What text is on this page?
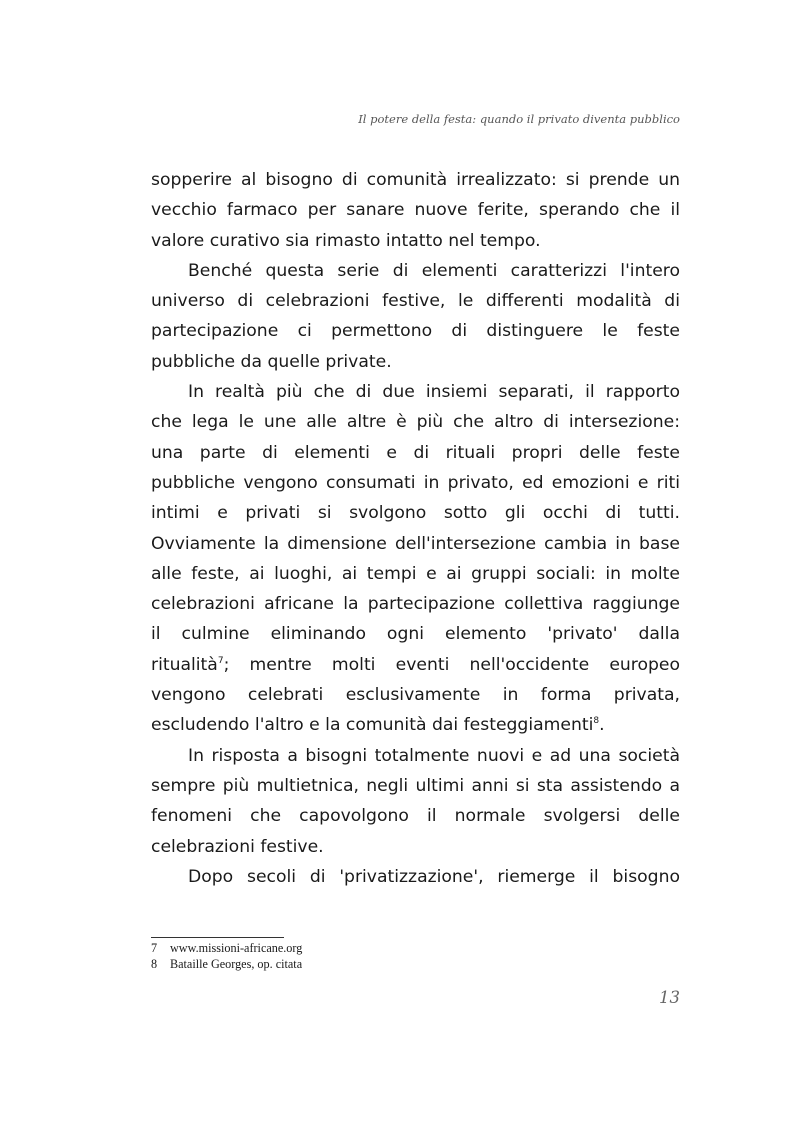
Il potere della festa: quando il privato diventa pubblico
sopperire al bisogno di comunità irrealizzato: si prende un
vecchio farmaco per sanare nuove ferite, sperando che il
valore curativo sia rimasto intatto nel tempo.
Benché questa serie di elementi caratterizzi l'intero
universo di celebrazioni festive, le differenti modalità di
partecipazione ci permettono di distinguere le feste
pubbliche da quelle private.
In realtà più che di due insiemi separati, il rapporto
che lega le une alle altre è più che altro di intersezione:
una parte di elementi e di rituali propri delle feste
pubbliche vengono consumati in privato, ed emozioni e riti
intimi e privati si svolgono sotto gli occhi di tutti.
Ovviamente la dimensione dell'intersezione cambia in base
alle feste, ai luoghi, ai tempi e ai gruppi sociali: in molte
celebrazioni africane la partecipazione collettiva raggiunge
il culmine eliminando ogni elemento 'privato' dalla
ritualità$^7$; mentre molti eventi nell'occidente europeo
vengono celebrati esclusivamente in forma privata,
escludendo l'altro e la comunità dai festeggiamenti$^8$.
In risposta a bisogni totalmente nuovi e ad una società
sempre più multietnica, negli ultimi anni si sta assistendo a
fenomeni che capovolgono il normale svolgersi delle
celebrazioni festive.
Dopo secoli di 'privatizzazione', riemerge il bisogno
7 www.missioni-africane.org
8 Bataille Georges, op. citata
13
